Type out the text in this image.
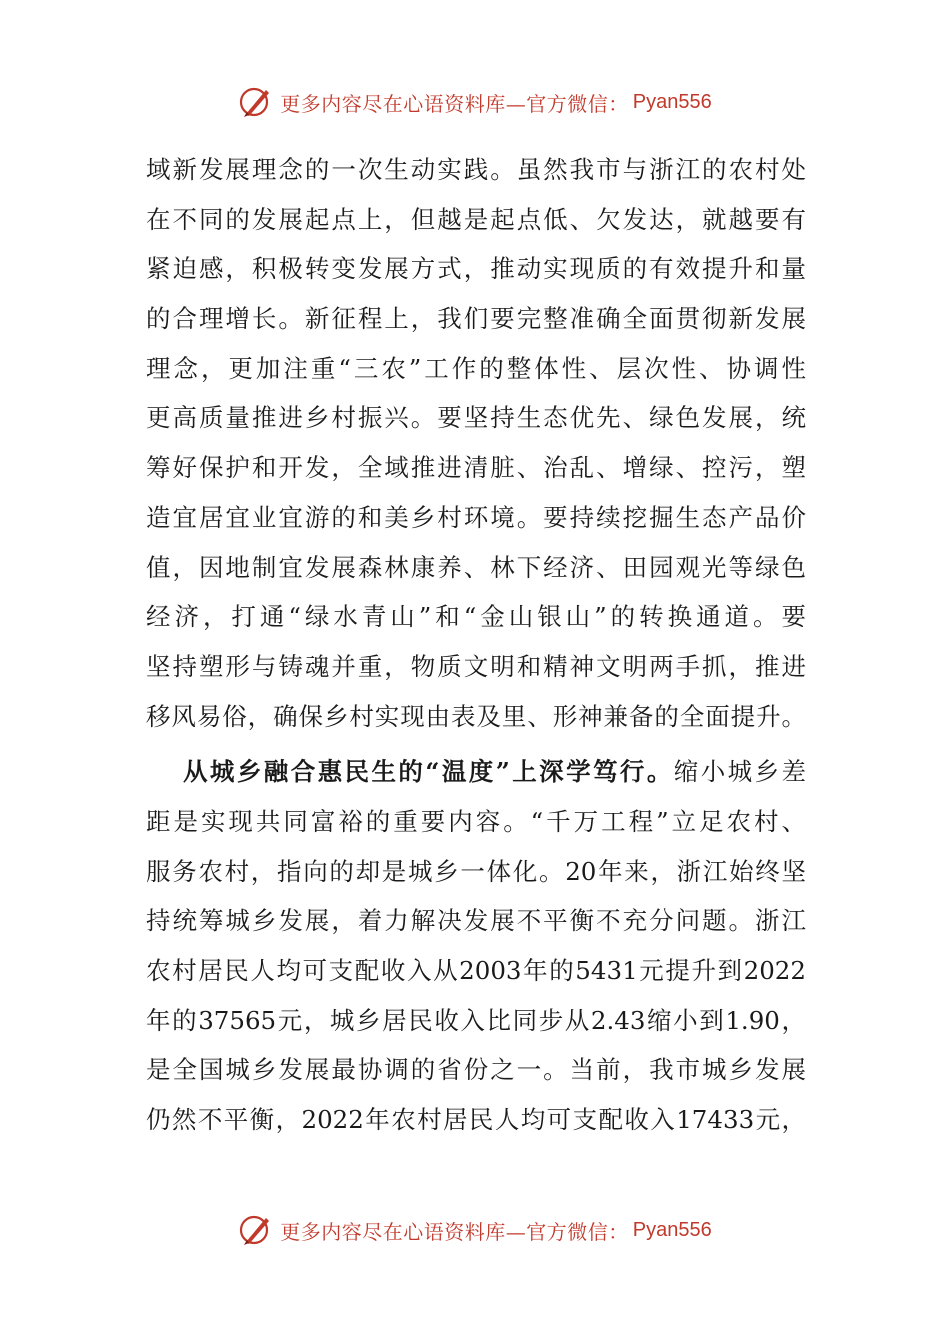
更多内容尽在心语资料库—官方微信： Pyan556
域新发展理念的一次生动实践。虽然我市与浙江的农村处
在不同的发展起点上，但越是起点低、欠发达，就越要有
紧迫感，积极转变发展方式，推动实现质的有效提升和量
的合理增长。新征程上，我们要完整准确全面贯彻新发展
理念，更加注重“三农”工作的整体性、层次性、协调性
更高质量推进乡村振兴。要坚持生态优先、绿色发展，统
筹好保护和开发，全域推进清脏、治乱、增绿、控污，塑
造宜居宜业宜游的和美乡村环境。要持续挖掘生态产品价
值，因地制宜发展森林康养、林下经济、田园观光等绿色
经济，打通“绿水青山”和“金山银山”的转换通道。要
坚持塑形与铸魂并重，物质文明和精神文明两手抓，推进
移风易俗，确保乡村实现由表及里、形神兼备的全面提升。
从城乡融合惠民生的“温度”上深学笃行。缩小城乡差
距是实现共同富裕的重要内容。“千万工程”立足农村、
服务农村，指向的却是城乡一体化。20年来，浙江始终坚
持统筹城乡发展，着力解决发展不平衡不充分问题。浙江
农村居民人均可支配收入从2003年的5431元提升到2022
年的37565元，城乡居民收入比同步从2.43缩小到1.90，
是全国城乡发展最协调的省份之一。当前，我市城乡发展
仍然不平衡，2022年农村居民人均可支配收入17433元，
更多内容尽在心语资料库—官方微信： Pyan556
